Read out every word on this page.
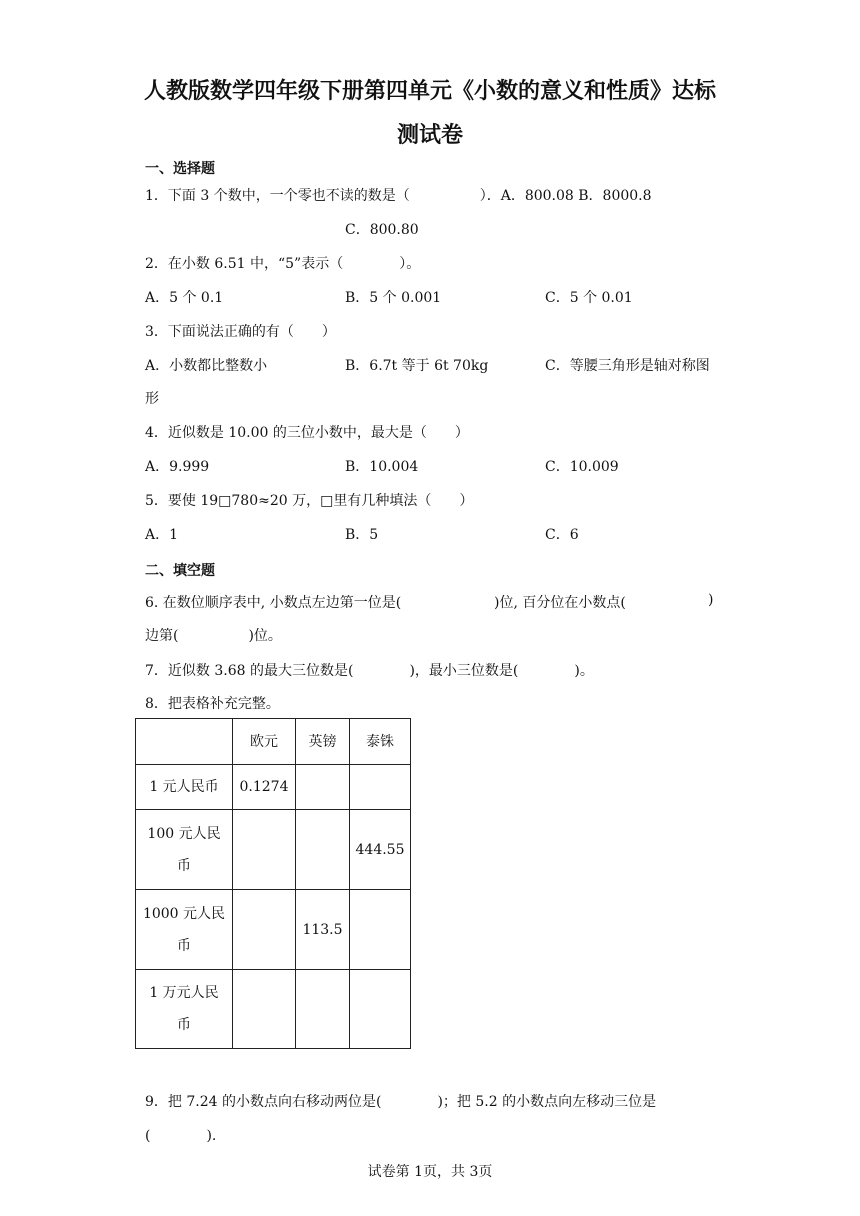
人教版数学四年级下册第四单元《小数的意义和性质》达标
测试卷
一、选择题
1．下面 3 个数中，一个零也不读的数是（　　　　　）．A．800.08 B．8000.8
C．800.80
2．在小数 6.51 中，“5”表示（　　　　）。
A．5 个 0.1	B．5 个 0.001	C．5 个 0.01
3．下面说法正确的有（　　）
A．小数都比整数小	B．6.7t 等于 6t 70kg	C．等腰三角形是轴对称图
形
4．近似数是 10.00 的三位小数中，最大是（　　）
A．9.999	B．10.004	C．10.009
5．要使 19□780≈20 万，□里有几种填法（　　）
A．1	B．5	C．6
二、填空题
6. 在数位顺序表中, 小数点左边第一位是(	)位, 百分位在小数点(	)
边第(　　　　　)位。
7．近似数 3.68 的最大三位数是(　　　　)，最小三位数是(　　　　)。
8．把表格补充完整。
	欧元	英镑	泰铢

1 元人民币	0.1274		

100 元人民
币			444.55

1000 元人民
币		113.5	

1 万元人民
币			

9．把 7.24 的小数点向右移动两位是(　　　　)；把 5.2 的小数点向左移动三位是
(　　　　).
试卷第 1页，共 3页
